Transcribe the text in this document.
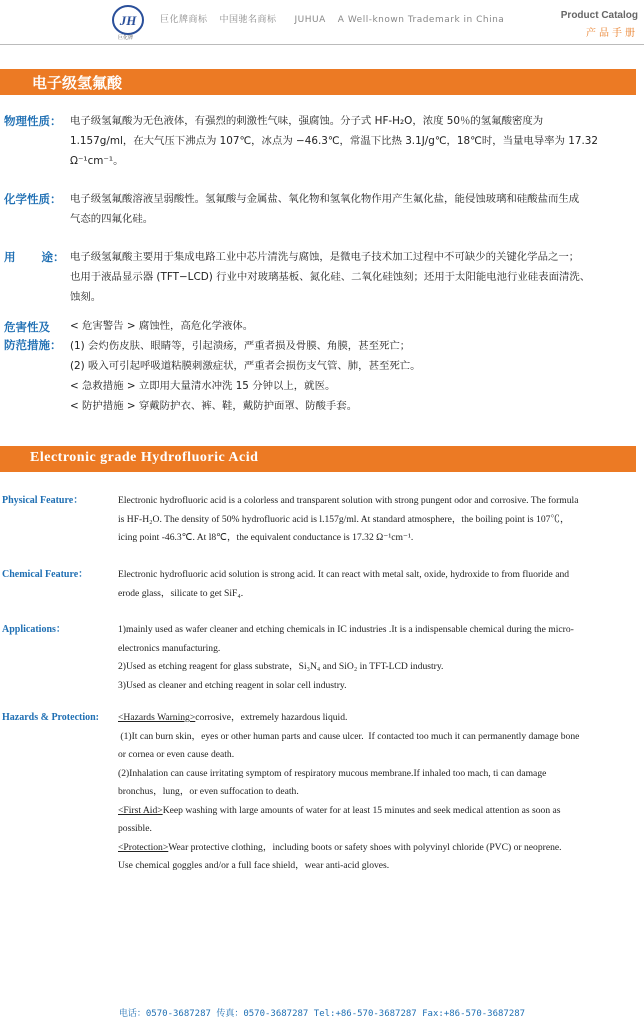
JH
巨化牌
巨化牌商标 中国驰名商标 JUHUA A Well-known Trademark in China	Product Catalog
产品手册
电子级氢氟酸
物理性质： 电子级氢氟酸为无色液体，有强烈的刺激性气味，强腐蚀。分子式 HF-H₂O，浓度 50％的氢氟酸密度为

1.157g/ml，在大气压下沸点为 107℃，冰点为 −46.3℃，常温下比热 3.1J/g℃，18℃时，当量电导率为 17.32

Ω⁻¹cm⁻¹。

化学性质： 电子级氢氟酸溶液呈弱酸性。氢氟酸与金属盐、氧化物和氢氧化物作用产生氟化盐，能侵蚀玻璃和硅酸盐而生成

气态的四氟化硅。

用 途： 电子级氢氟酸主要用于集成电路工业中芯片清洗与腐蚀，是微电子技术加工过程中不可缺少的关键化学品之一；

也用于液晶显示器 (TFT−LCD) 行业中对玻璃基板、氮化硅、二氧化硅蚀刻；还用于太阳能电池行业硅表面清洗、

蚀刻。

危害性及
防范措施：

< 危害警告 > 腐蚀性，高危化学液体。

(1) 会灼伤皮肤、眼睛等，引起溃疡，严重者损及骨膜、角膜，甚至死亡；

(2) 吸入可引起呼吸道粘膜刺激症状，严重者会损伤支气管、肺，甚至死亡。

< 急救措施 > 立即用大量清水冲洗 15 分钟以上，就医。

< 防护措施 > 穿戴防护衣、裤、鞋，戴防护面罩、防酸手套。

Electronic grade Hydrofluoric Acid
Physical Feature：	Electronic hydrofluoric acid is a colorless and transparent solution with strong pungent odor and corrosive. The formula

is HF-H₂O. The density of 50% hydrofluoric acid is l.157g/ml. At standard atmosphere，the boiling point is 107℃，

icing point -46.3℃. At l8℃，the equivalent conductance is 17.32 Ω⁻¹cm⁻¹.

Chemical Feature：	Electronic hydrofluoric acid solution is strong acid. It can react with metal salt, oxide, hydroxide to from fluoride and

erode glass，silicate to get SiF₄.

Applications：	1)mainly used as wafer cleaner and etching chemicals in IC industries .It is a indispensable chemical during the micro-

electronics manufacturing.

2)Used as etching reagent for glass substrate，Si₃N₄ and SiO₂ in TFT-LCD industry.

3)Used as cleaner and etching reagent in solar cell industry.

Hazards & Protection: <Hazards Warning>corrosive，extremely hazardous liquid.

(1)It can burn skin，eyes or other human parts and cause ulcer.  If contacted too much it can permanently damage bone

or cornea or even cause death.

(2)Inhalation can cause irritating symptom of respiratory mucous membrane.If inhaled too mach, ti can damage

bronchus，lung，or even suffocation to death.

<First Aid>Keep washing with large amounts of water for at least 15 minutes and seek medical attention as soon as

possible.

<Protection>Wear protective clothing，including boots or safety shoes with polyvinyl chloride (PVC) or neoprene.

Use chemical goggles and/or a full face shield，wear anti-acid gloves.

电话：0570-3687287 传真：0570-3687287 Tel:+86-570-3687287 Fax:+86-570-3687287
